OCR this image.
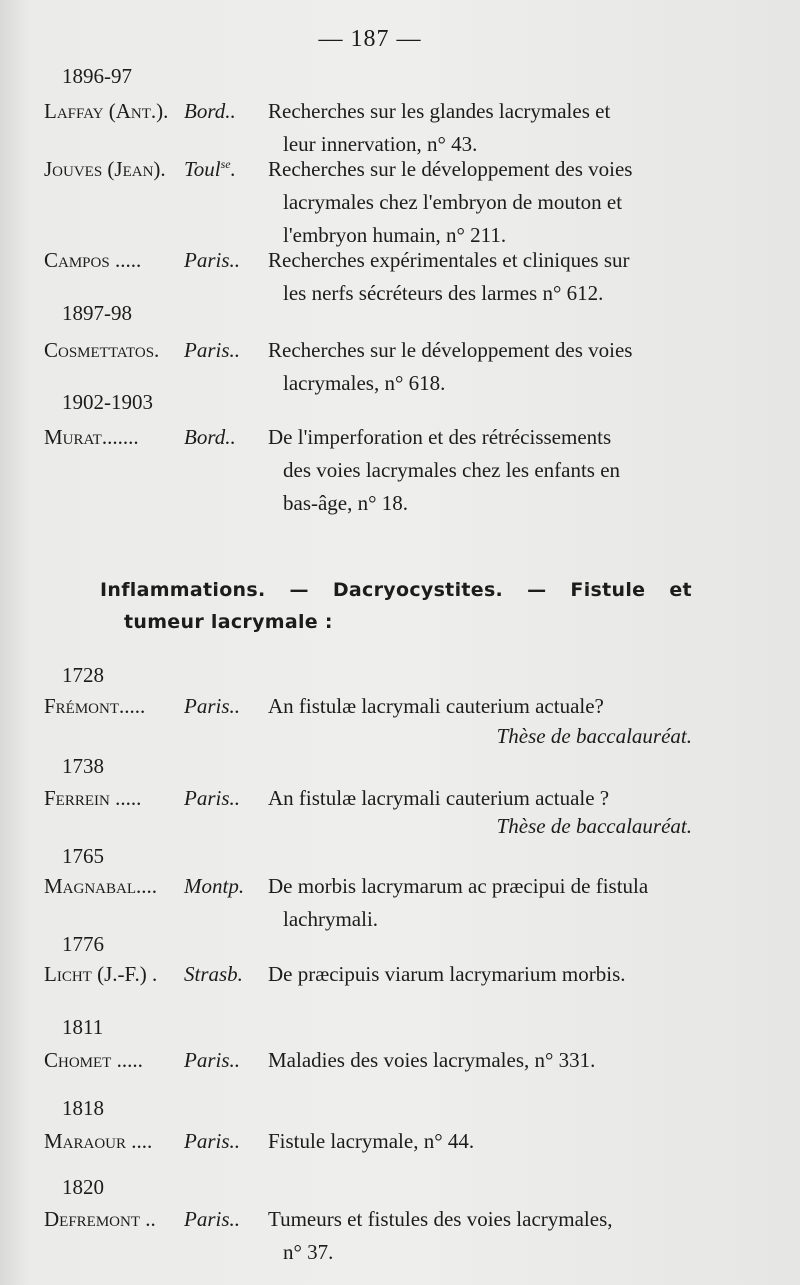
— 187 —
1896-97
Laffay (Ant.). Bord.. Recherches sur les glandes lacrymales et
leur innervation, n° 43.
Jouves (Jean). Toul$^{se}$. Recherches sur le développement des voies
lacrymales chez l'embryon de mouton et
l'embryon humain, n° 211.
Campos ..... Paris.. Recherches expérimentales et cliniques sur
les nerfs sécréteurs des larmes n° 612.
1897-98
Cosmettatos. Paris.. Recherches sur le développement des voies
lacrymales, n° 618.
1902-1903
Murat....... Bord.. De l'imperforation et des rétrécissements
des voies lacrymales chez les enfants en
bas-âge, n° 18.
Inflammations. — Dacryocystites. — Fistule et
tumeur lacrymale :
1728
Frémont..... Paris.. An fistulæ lacrymali cauterium actuale?
Thèse de baccalauréat.
1738
Ferrein ..... Paris.. An fistulæ lacrymali cauterium actuale ?
Thèse de baccalauréat.
1765
Magnabal.... Montp. De morbis lacrymarum ac præcipui de fistula
lachrymali.
1776
Licht (J.-F.) . Strasb. De præcipuis viarum lacrymarium morbis.
1811
Chomet ..... Paris.. Maladies des voies lacrymales, n° 331.
1818
Maraour .... Paris.. Fistule lacrymale, n° 44.
1820
Defremont .. Paris.. Tumeurs et fistules des voies lacrymales,
n° 37.
